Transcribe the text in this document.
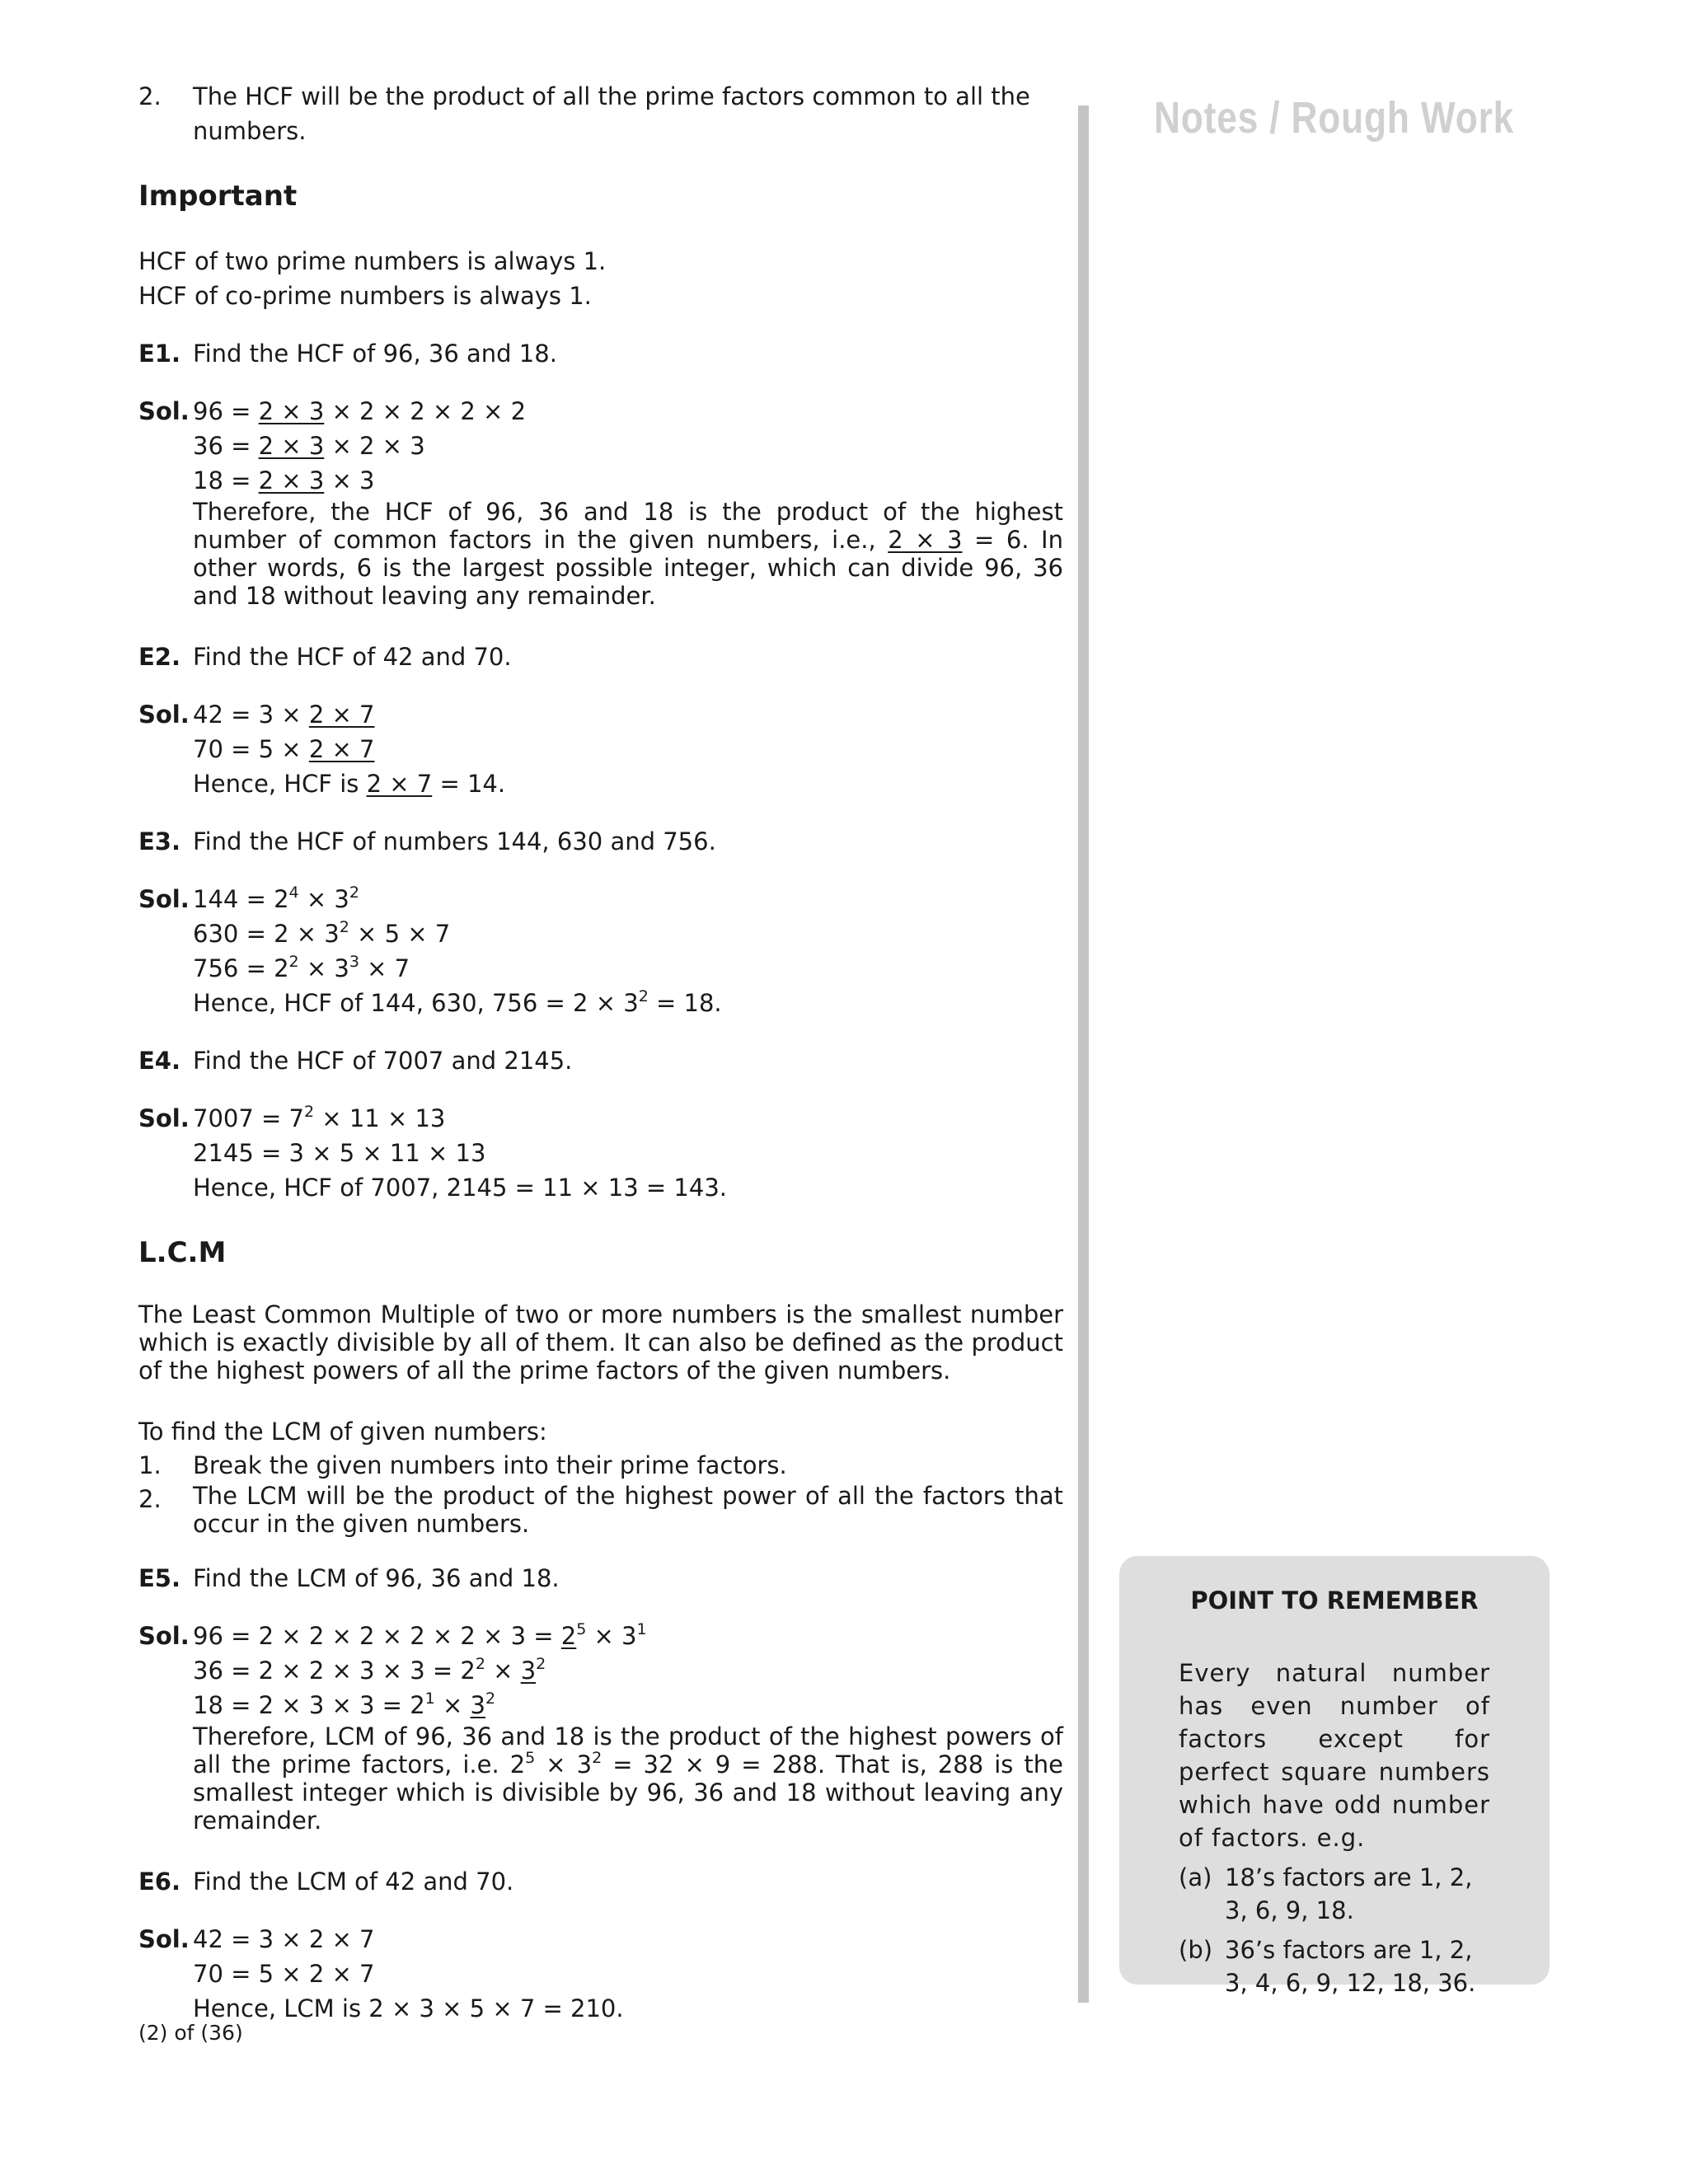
2.	The HCF will be the product of all the prime factors common to all the numbers.
Important
HCF of two prime numbers is always 1.
HCF of co-prime numbers is always 1.
E1. Find the HCF of 96, 36 and 18.
Sol. 96 = 2 × 3 × 2 × 2 × 2 × 2
36 = 2 × 3 × 2 × 3
18 = 2 × 3 × 3
Therefore, the HCF of 96, 36 and 18 is the product of the highest number of common factors in the given numbers, i.e., 2 × 3 = 6. In other words, 6 is the largest possible integer, which can divide 96, 36 and 18 without leaving any remainder.
E2. Find the HCF of 42 and 70.
Sol. 42 = 3 × 2 × 7
70 = 5 × 2 × 7
Hence, HCF is 2 × 7 = 14.
E3. Find the HCF of numbers 144, 630 and 756.
Sol. $144 = 2^4 \times 3^2$
$630 = 2 \times 3^2 \times 5 \times 7$
$756 = 2^2 \times 3^3 \times 7$
Hence, HCF of 144, 630, $756 = 2 \times 3^2 = 18$.
E4. Find the HCF of 7007 and 2145.
Sol. $7007 = 7^2 \times 11 \times 13$
2145 = 3 × 5 × 11 × 13
Hence, HCF of 7007, 2145 = 11 × 13 = 143.
L.C.M
The Least Common Multiple of two or more numbers is the smallest number which is exactly divisible by all of them. It can also be defined as the product of the highest powers of all the prime factors of the given numbers.
To find the LCM of given numbers:
1.	Break the given numbers into their prime factors.
2.	The LCM will be the product of the highest power of all the factors that occur in the given numbers.
E5. Find the LCM of 96, 36 and 18.
Sol. $96 = 2 \times 2 \times 2 \times 2 \times 2 \times 3 = 2^5 \times 3^1$
$36 = 2 \times 2 \times 3 \times 3 = 2^2 \times 3^2$
$18 = 2 \times 3 \times 3 = 2^1 \times 3^2$
Therefore, LCM of 96, 36 and 18 is the product of the highest powers of all the prime factors, i.e. $2^5 \times 3^2 = 32 \times 9 = 288$. That is, 288 is the smallest integer which is divisible by 96, 36 and 18 without leaving any remainder.
E6. Find the LCM of 42 and 70.
Sol. 42 = 3 × 2 × 7
70 = 5 × 2 × 7
Hence, LCM is 2 × 3 × 5 × 7 = 210.
Notes / Rough Work
POINT TO REMEMBER
Every natural number has even number of factors except for perfect square numbers which have odd number of factors. e.g.
(a) 18’s factors are 1, 2, 3, 6, 9, 18.
(b) 36’s factors are 1, 2, 3, 4, 6, 9, 12, 18, 36.
(2) of (36)
